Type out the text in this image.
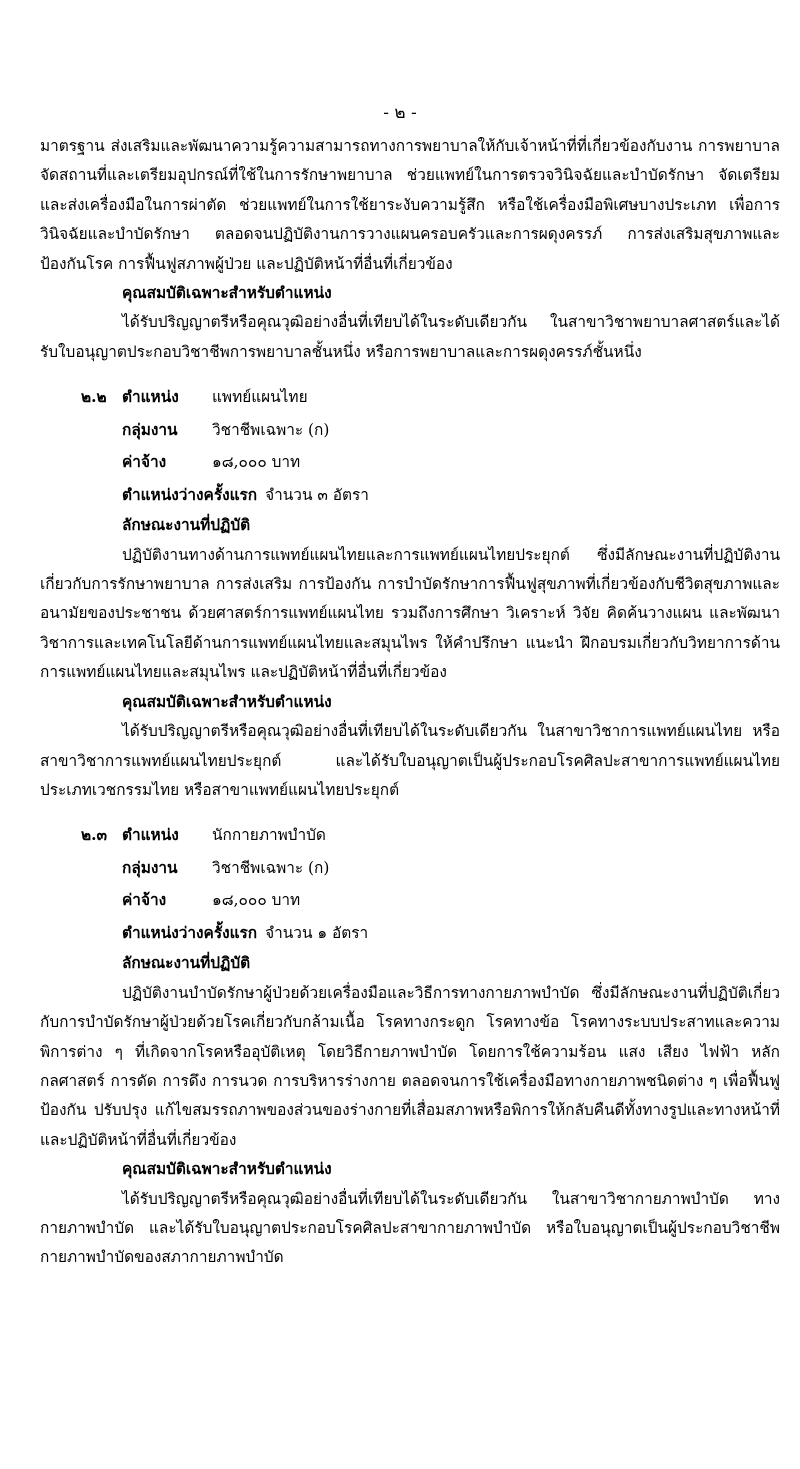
- ๒ -

มาตรฐาน ส่งเสริมและพัฒนาความรู้ความสามารถทางการพยาบาลให้กับเจ้าหน้าที่ที่เกี่ยวข้องกับงาน การพยาบาล จัดสถานที่และเตรียมอุปกรณ์ที่ใช้ในการรักษาพยาบาล ช่วยแพทย์ในการตรวจวินิจฉัยและบำบัดรักษา จัดเตรียมและส่งเครื่องมือในการผ่าตัด ช่วยแพทย์ในการใช้ยาระงับความรู้สึก หรือใช้เครื่องมือพิเศษบางประเภท เพื่อการวินิจฉัยและบำบัดรักษา ตลอดจนปฏิบัติงานการวางแผนครอบครัวและการผดุงครรภ์ การส่งเสริมสุขภาพและป้องกันโรค การฟื้นฟูสภาพผู้ป่วย และปฏิบัติหน้าที่อื่นที่เกี่ยวข้อง

คุณสมบัติเฉพาะสำหรับตำแหน่ง

ได้รับปริญญาตรีหรือคุณวุฒิอย่างอื่นที่เทียบได้ในระดับเดียวกัน ในสาขาวิชาพยาบาลศาสตร์และได้รับใบอนุญาตประกอบวิชาชีพการพยาบาลชั้นหนึ่ง หรือการพยาบาลและการผดุงครรภ์ชั้นหนึ่ง

๒.๒ ตำแหน่ง	แพทย์แผนไทย
กลุ่มงาน	วิชาชีพเฉพาะ (ก)
ค่าจ้าง	๑๘,๐๐๐ บาท
ตำแหน่งว่างครั้งแรก จำนวน ๓ อัตรา

ลักษณะงานที่ปฏิบัติ

ปฏิบัติงานทางด้านการแพทย์แผนไทยและการแพทย์แผนไทยประยุกต์ ซึ่งมีลักษณะงานที่ปฏิบัติงานเกี่ยวกับการรักษาพยาบาล การส่งเสริม การป้องกัน การบำบัดรักษาการฟื้นฟูสุขภาพที่เกี่ยวข้องกับชีวิตสุขภาพและอนามัยของประชาชน ด้วยศาสตร์การแพทย์แผนไทย รวมถึงการศึกษา วิเคราะห์ วิจัย คิดค้นวางแผน และพัฒนาวิชาการและเทคโนโลยีด้านการแพทย์แผนไทยและสมุนไพร ให้คำปรึกษา แนะนำ ฝึกอบรมเกี่ยวกับวิทยาการด้านการแพทย์แผนไทยและสมุนไพร และปฏิบัติหน้าที่อื่นที่เกี่ยวข้อง

คุณสมบัติเฉพาะสำหรับตำแหน่ง

ได้รับปริญญาตรีหรือคุณวุฒิอย่างอื่นที่เทียบได้ในระดับเดียวกัน ในสาขาวิชาการแพทย์แผนไทย หรือสาขาวิชาการแพทย์แผนไทยประยุกต์ และได้รับใบอนุญาตเป็นผู้ประกอบโรคศิลปะสาขาการแพทย์แผนไทยประเภทเวชกรรมไทย หรือสาขาแพทย์แผนไทยประยุกต์

๒.๓ ตำแหน่ง	นักกายภาพบำบัด
กลุ่มงาน	วิชาชีพเฉพาะ (ก)
ค่าจ้าง	๑๘,๐๐๐ บาท
ตำแหน่งว่างครั้งแรก จำนวน ๑ อัตรา

ลักษณะงานที่ปฏิบัติ

ปฏิบัติงานบำบัดรักษาผู้ป่วยด้วยเครื่องมือและวิธีการทางกายภาพบำบัด ซึ่งมีลักษณะงานที่ปฏิบัติเกี่ยวกับการบำบัดรักษาผู้ป่วยด้วยโรคเกี่ยวกับกล้ามเนื้อ โรคทางกระดูก โรคทางข้อ โรคทางระบบประสาทและความพิการต่าง ๆ ที่เกิดจากโรคหรืออุบัติเหตุ โดยวิธีกายภาพบำบัด โดยการใช้ความร้อน แสง เสียง ไฟฟ้า หลักกลศาสตร์ การดัด การดึง การนวด การบริหารร่างกาย ตลอดจนการใช้เครื่องมือทางกายภาพชนิดต่าง ๆ เพื่อฟื้นฟู ป้องกัน ปรับปรุง แก้ไขสมรรถภาพของส่วนของร่างกายที่เสื่อมสภาพหรือพิการให้กลับคืนดีทั้งทางรูปและทางหน้าที่ และปฏิบัติหน้าที่อื่นที่เกี่ยวข้อง

คุณสมบัติเฉพาะสำหรับตำแหน่ง

ได้รับปริญญาตรีหรือคุณวุฒิอย่างอื่นที่เทียบได้ในระดับเดียวกัน ในสาขาวิชากายภาพบำบัด ทางกายภาพบำบัด และได้รับใบอนุญาตประกอบโรคศิลปะสาขากายภาพบำบัด หรือใบอนุญาตเป็นผู้ประกอบวิชาชีพกายภาพบำบัดของสภากายภาพบำบัด
